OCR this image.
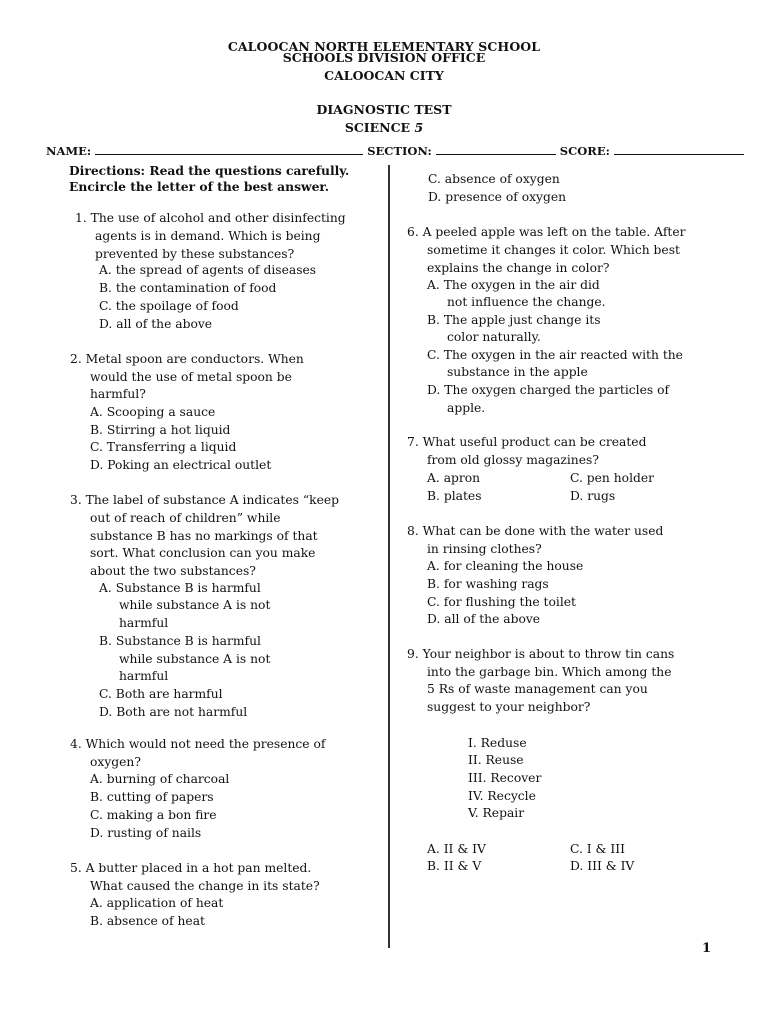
CALOOCAN NORTH ELEMENTARY SCHOOL
SCHOOLS DIVISION OFFICE
CALOOCAN CITY
DIAGNOSTIC TEST
SCIENCE 5
NAME:	SECTION:	SCORE:
Directions: Read the questions carefully.
Encircle the letter of the best answer.
1. The use of alcohol and other disinfecting
agents is in demand. Which is being
prevented by these substances?
A. the spread of agents of diseases
B. the contamination of food
C. the spoilage of food
D. all of the above
2. Metal spoon are conductors. When
would the use of metal spoon be
harmful?
A. Scooping a sauce
B. Stirring a hot liquid
C. Transferring a liquid
D. Poking an electrical outlet
3. The label of substance A indicates “keep
out of reach of children” while
substance B has no markings of that
sort. What conclusion can you make
about the two substances?
A. Substance B is harmful
while substance A is not
harmful
B. Substance B is harmful
while substance A is not
harmful
C. Both are harmful
D. Both are not harmful
4. Which would not need the presence of
oxygen?
A. burning of charcoal
B. cutting of papers
C. making a bon fire
D. rusting of nails
5. A butter placed in a hot pan melted.
What caused the change in its state?
A. application of heat
B. absence of heat
C. absence of oxygen
D. presence of oxygen
6. A peeled apple was left on the table. After
sometime it changes it color. Which best
explains the change in color?
A. The oxygen in the air did
not influence the change.
B. The apple just change its
color naturally.
C. The oxygen in the air reacted with the
substance in the apple
D. The oxygen charged the particles of
apple.
7. What useful product can be created
from old glossy magazines?
A. apron	C. pen holder
B. plates	D. rugs
8. What can be done with the water used
in rinsing clothes?
A. for cleaning the house
B. for washing rags
C. for flushing the toilet
D. all of the above
9. Your neighbor is about to throw tin cans
into the garbage bin. Which among the
5 Rs of waste management can you
suggest to your neighbor?
I. Reduse
II. Reuse
III. Recover
IV. Recycle
V. Repair
A. II & IV	C. I & III
B. II & V	D. III & IV
1
